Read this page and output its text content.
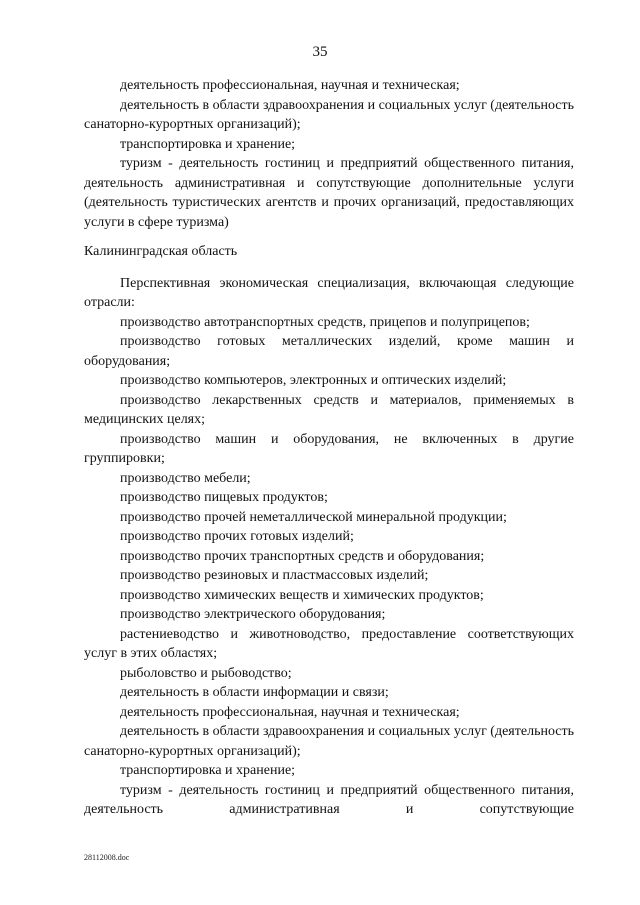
35

деятельность профессиональная, научная и техническая;

деятельность в области здравоохранения и социальных услуг (деятельность санаторно-курортных организаций);

транспортировка и хранение;

туризм - деятельность гостиниц и предприятий общественного питания, деятельность административная и сопутствующие дополнительные услуги (деятельность туристических агентств и прочих организаций, предоставляющих услуги в сфере туризма)

Калининградская область

Перспективная экономическая специализация, включающая следующие отрасли:

производство автотранспортных средств, прицепов и полуприцепов;

производство готовых металлических изделий, кроме машин и оборудования;

производство компьютеров, электронных и оптических изделий;

производство лекарственных средств и материалов, применяемых в медицинских целях;

производство машин и оборудования, не включенных в другие группировки;

производство мебели;

производство пищевых продуктов;

производство прочей неметаллической минеральной продукции;

производство прочих готовых изделий;

производство прочих транспортных средств и оборудования;

производство резиновых и пластмассовых изделий;

производство химических веществ и химических продуктов;

производство электрического оборудования;

растениеводство и животноводство, предоставление соответствующих услуг в этих областях;

рыболовство и рыбоводство;

деятельность в области информации и связи;

деятельность профессиональная, научная и техническая;

деятельность в области здравоохранения и социальных услуг (деятельность санаторно-курортных организаций);

транспортировка и хранение;

туризм - деятельность гостиниц и предприятий общественного питания, деятельность административная и сопутствующие

28112008.doc
